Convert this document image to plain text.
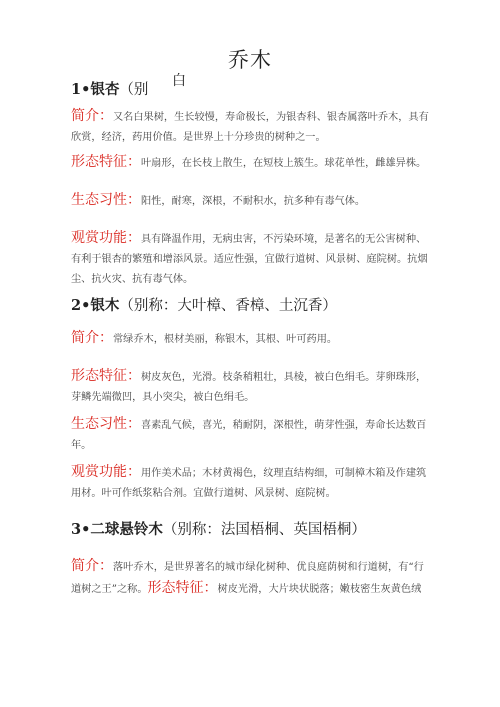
乔木
白
1•银杏（别
简介：又名白果树，生长较慢，寿命极长，为银杏科、银杏属落叶乔木，具有
欣赏，经济，药用价值。是世界上十分珍贵的树种之一。
形态特征：叶扇形，在长枝上散生，在短枝上簇生。球花单性，雌雄异株。
生态习性：阳性，耐寒，深根，不耐积水，抗多种有毒气体。
观赏功能：具有降温作用，无病虫害，不污染环境，是著名的无公害树种、
有利于银杏的繁殖和增添风景。适应性强，宜做行道树、风景树、庭院树。抗烟
尘、抗火灾、抗有毒气体。
2•银木（别称：大叶樟、香樟、土沉香）
简介：常绿乔木，根材美丽，称银木，其根、叶可药用。
形态特征：树皮灰色，光滑。枝条稍粗壮，具棱，被白色绢毛。芽卵珠形，
芽鳞先端微凹，具小突尖，被白色绢毛。
生态习性：喜素乱气候，喜光，稍耐阴，深根性，萌芽性强，寿命长达数百
年。
观赏功能：用作美术品；木材黄褐色，纹理直结构细，可制樟木箱及作建筑
用材。叶可作纸浆粘合剂。宜做行道树、风景树、庭院树。
3•二球悬铃木（别称：法国梧桐、英国梧桐）
简介：落叶乔木，是世界著名的城市绿化树种、优良庭荫树和行道树，有“行
道树之王”之称。形态特征：树皮光滑，大片块状脱落；嫩枝密生灰黄色绒
